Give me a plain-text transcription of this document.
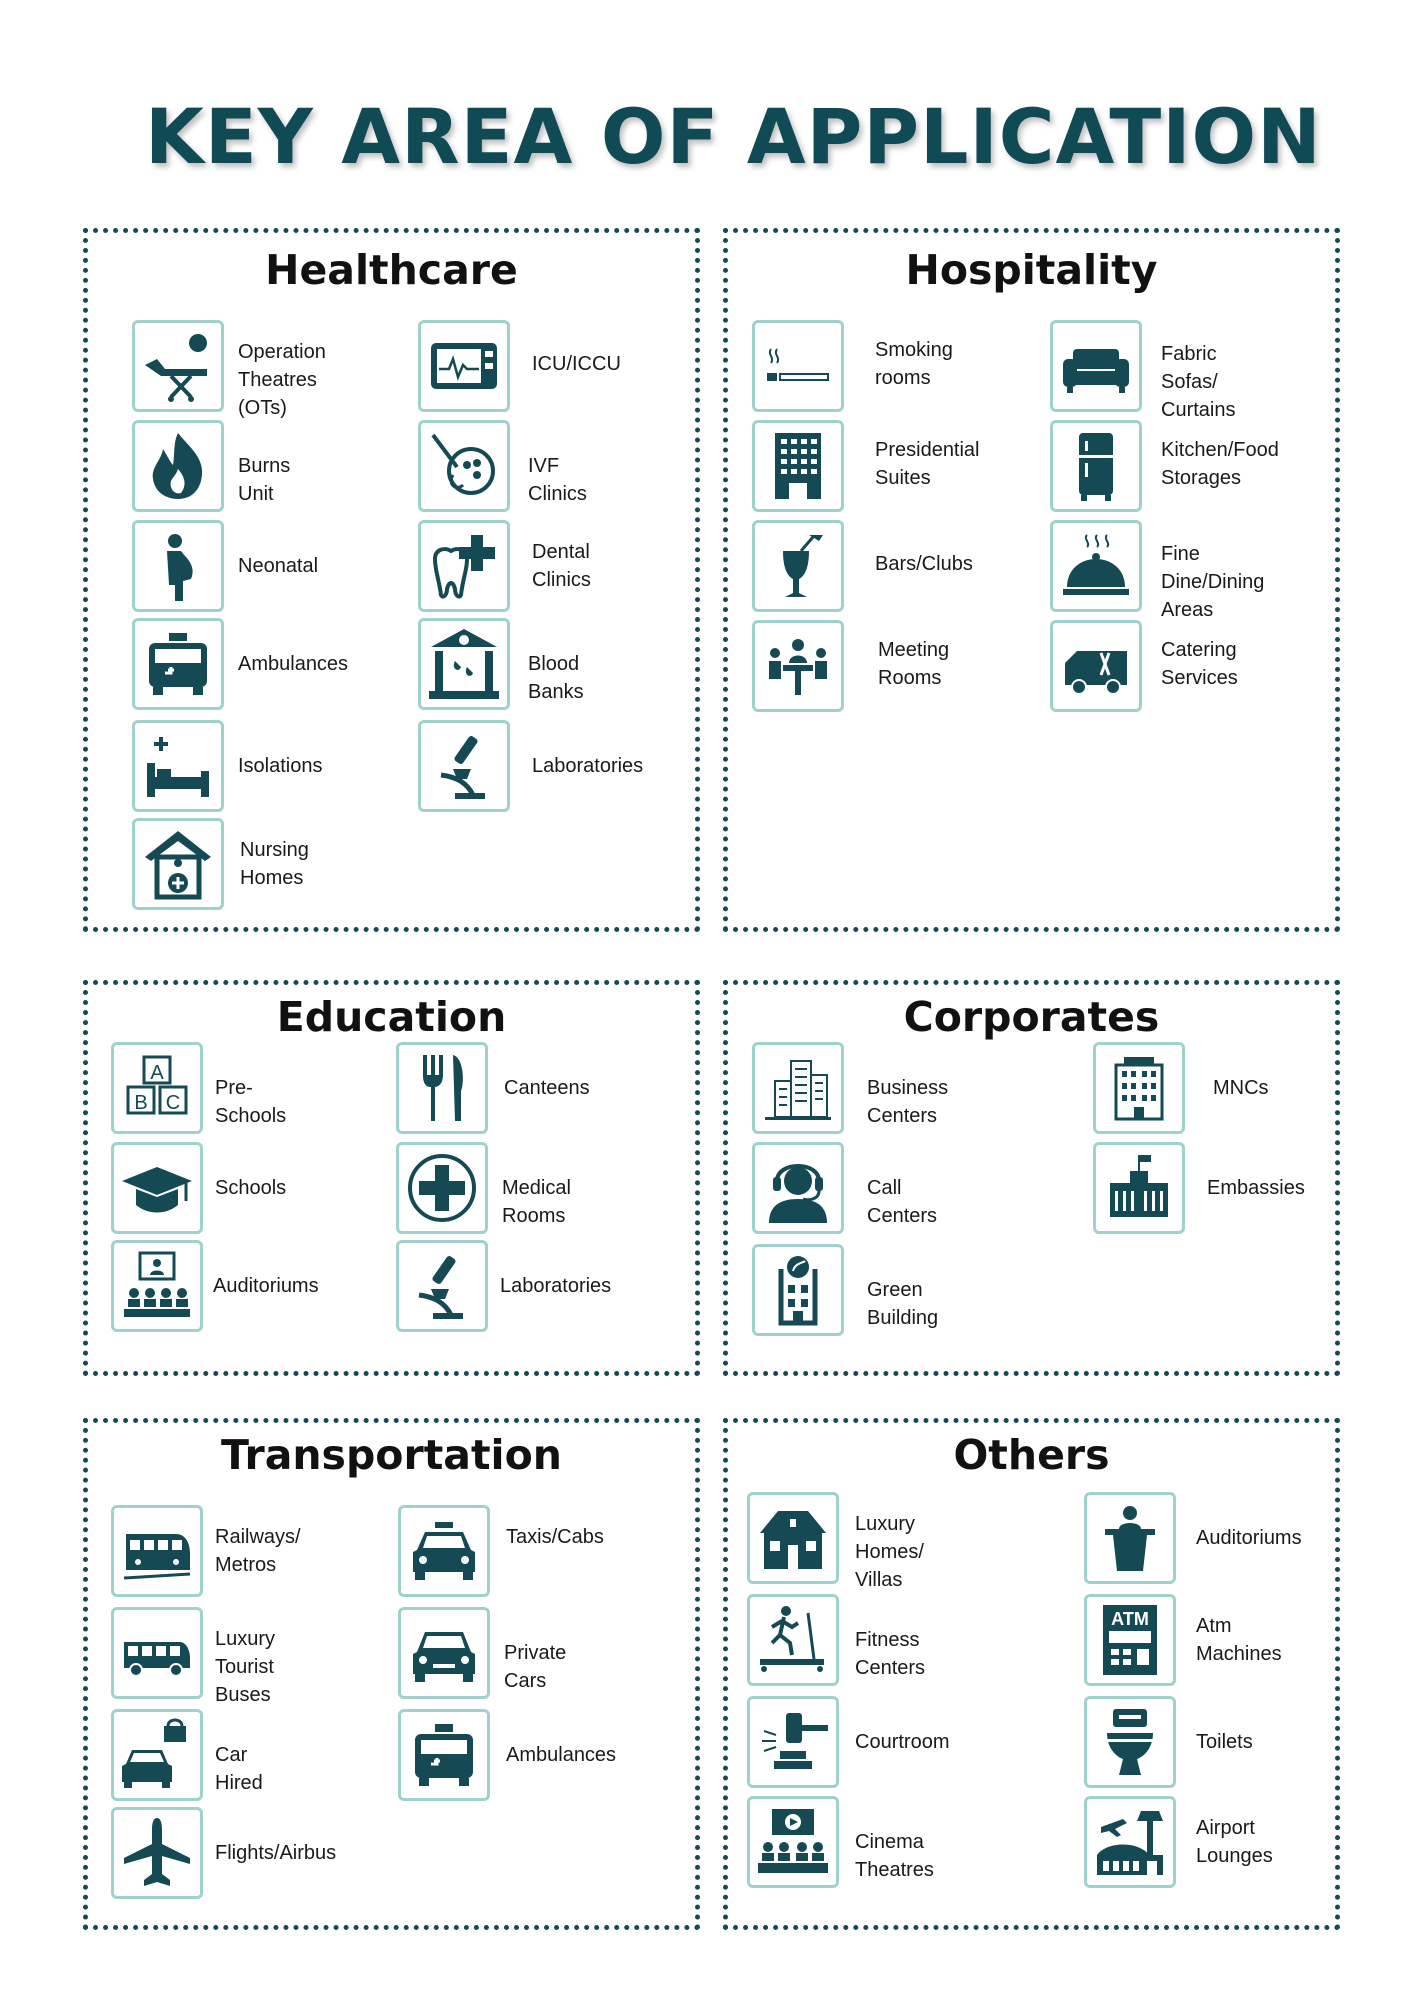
KEY AREA OF APPLICATION
Healthcare
Operation
Theatres (OTs)
ICU/ICCU
Burns Unit
IVF Clinics
Neonatal
Dental
Clinics
Ambulances	Blood Banks
Isolations	Laboratories
Nursing
Homes
Hospitality
Smoking
rooms
Fabric Sofas/
Curtains
Presidential
Suites
Kitchen/Food
Storages
Bars/Clubs	Fine Dine/Dining
Areas
Meeting
Rooms
Catering
Services
Education
A
B C
Pre-Schools
Canteens
Schools	Medical Rooms
Auditoriums	Laboratories
Corporates
Business Centers
MNCs
Call Centers
Embassies
Green Building
Transportation
Railways/
Metros
Taxis/Cabs
Luxury
Tourist Buses
Private Cars
Car Hired
Ambulances
Flights/Airbus
Others
Luxury Homes/
Villas
Auditoriums
Fitness Centers
ATM Atm
Machines
Courtroom	Toilets
Cinema Theatres
Airport
Lounges
